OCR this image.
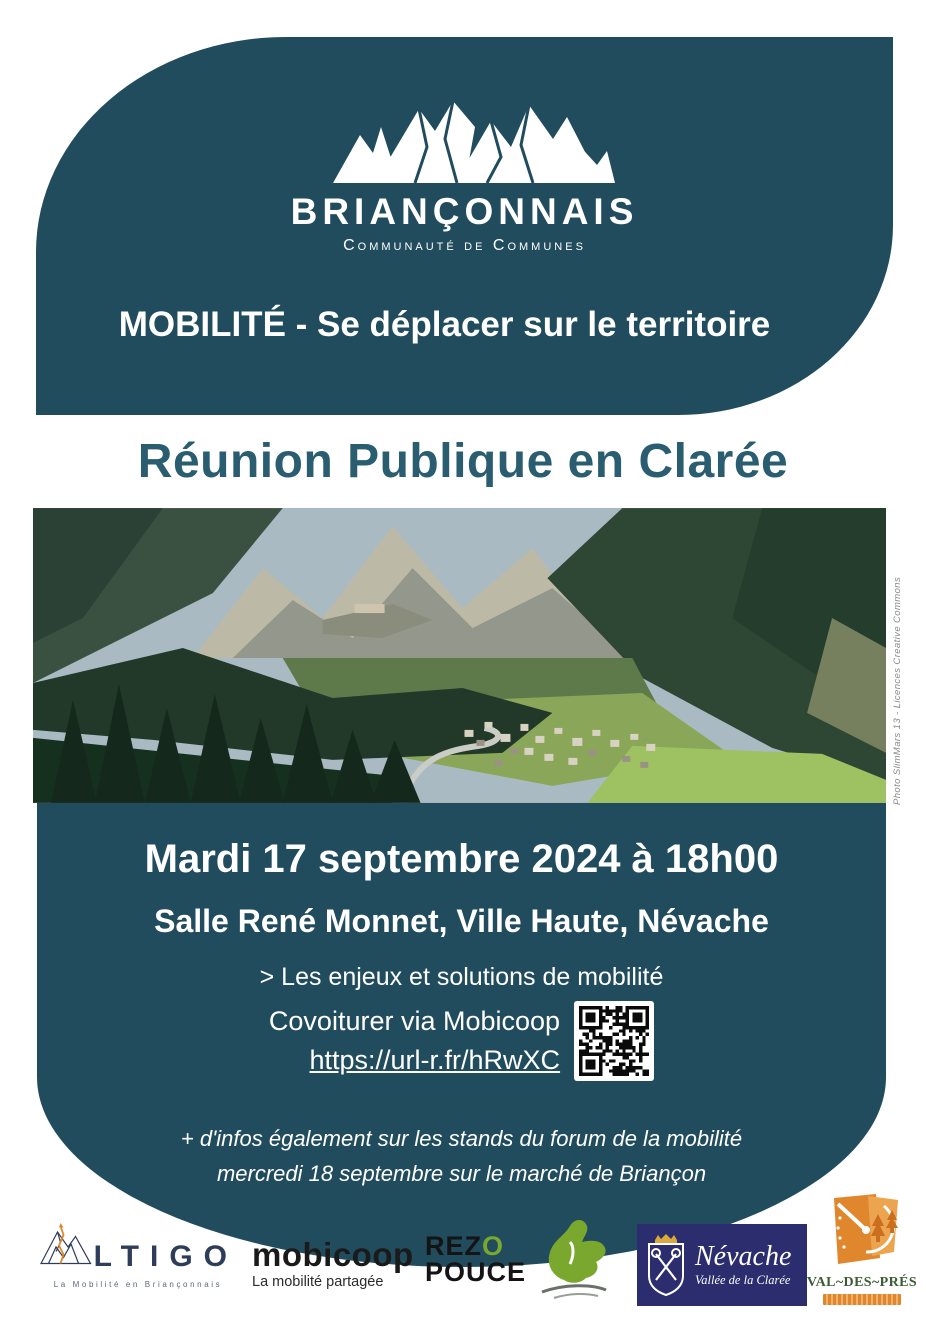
BRIANÇONNAIS
Communauté de Communes
MOBILITÉ - Se déplacer sur le territoire
Réunion Publique en Clarée
Photo SlimMars 13 - Licences Creative Commons
Mardi 17 septembre 2024 à 18h00
Salle René Monnet, Ville Haute, Névache
> Les enjeux et solutions de mobilité
Covoiturer via Mobicoop
https://url-r.fr/hRwXC
+ d'infos également sur les stands du forum de la mobilité
mercredi 18 septembre sur le marché de Briançon
LTIGO
La Mobilité en Briançonnais
mobicoop
La mobilité partagée
REZO
POUCE
Névache
Vallée de la Clarée	VAL~DES~PRÉS
